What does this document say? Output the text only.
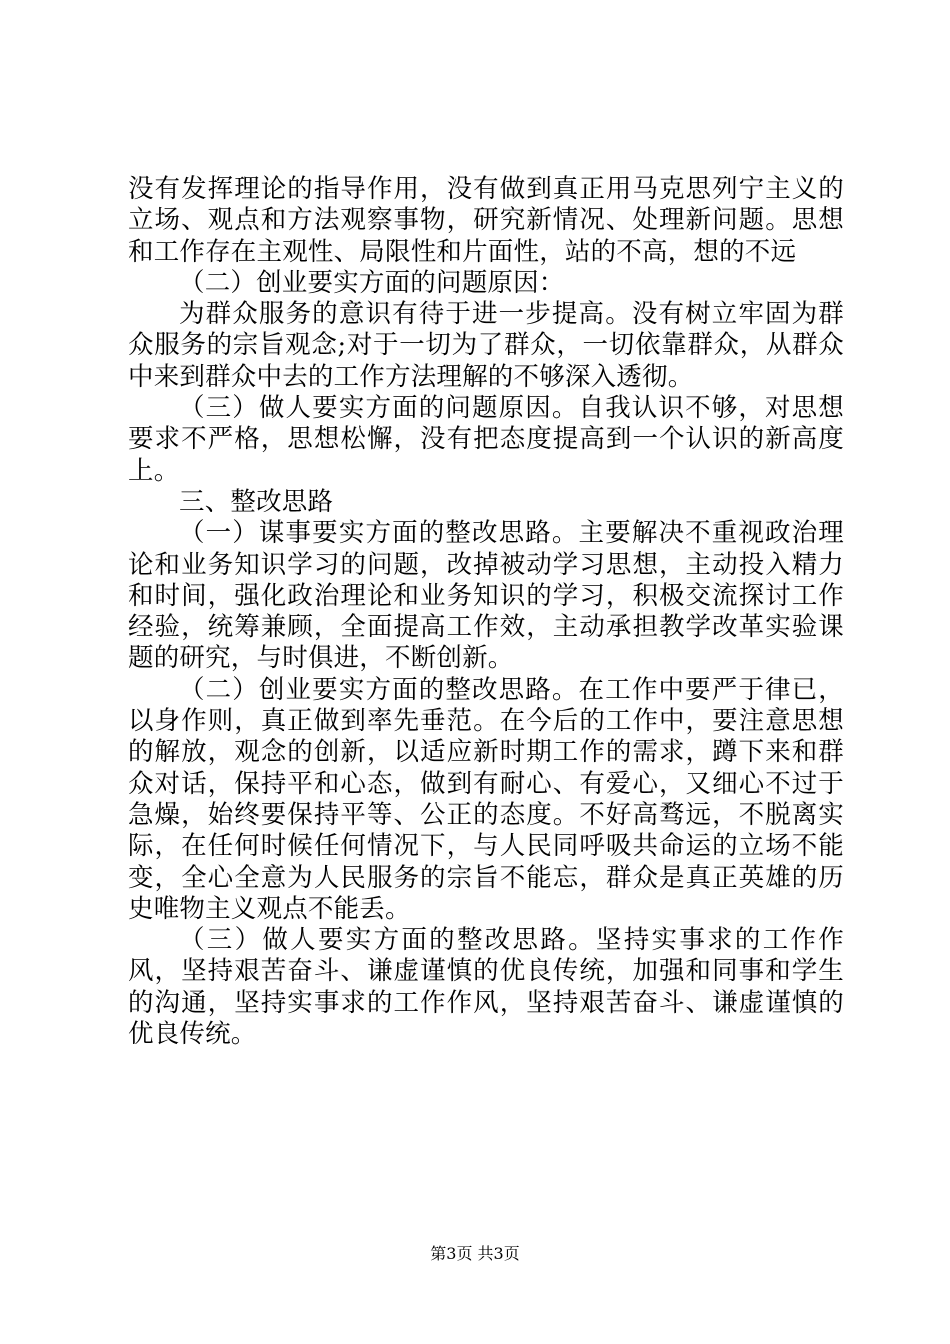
没有发挥理论的指导作用，没有做到真正用马克思列宁主义的立场、观点和方法观察事物，研究新情况、处理新问题。思想和工作存在主观性、局限性和片面性，站的不高，想的不远

（二）创业要实方面的问题原因：

为群众服务的意识有待于进一步提高。没有树立牢固为群众服务的宗旨观念;对于一切为了群众，一切依靠群众，从群众中来到群众中去的工作方法理解的不够深入透彻。

（三）做人要实方面的问题原因。自我认识不够，对思想要求不严格，思想松懈，没有把态度提高到一个认识的新高度上。

三、整改思路

（一）谋事要实方面的整改思路。主要解决不重视政治理论和业务知识学习的问题，改掉被动学习思想，主动投入精力和时间，强化政治理论和业务知识的学习，积极交流探讨工作经验，统筹兼顾，全面提高工作效，主动承担教学改革实验课题的研究，与时俱进，不断创新。

（二）创业要实方面的整改思路。在工作中要严于律已，以身作则，真正做到率先垂范。在今后的工作中，要注意思想的解放，观念的创新，以适应新时期工作的需求，蹲下来和群众对话，保持平和心态，做到有耐心、有爱心，又细心不过于急燥，始终要保持平等、公正的态度。不好高骛远，不脱离实际，在任何时候任何情况下，与人民同呼吸共命运的立场不能变，全心全意为人民服务的宗旨不能忘，群众是真正英雄的历史唯物主义观点不能丢。

（三）做人要实方面的整改思路。坚持实事求的工作作风，坚持艰苦奋斗、谦虚谨慎的优良传统，加强和同事和学生的沟通，坚持实事求的工作作风，坚持艰苦奋斗、谦虚谨慎的优良传统。

第3页 共3页
